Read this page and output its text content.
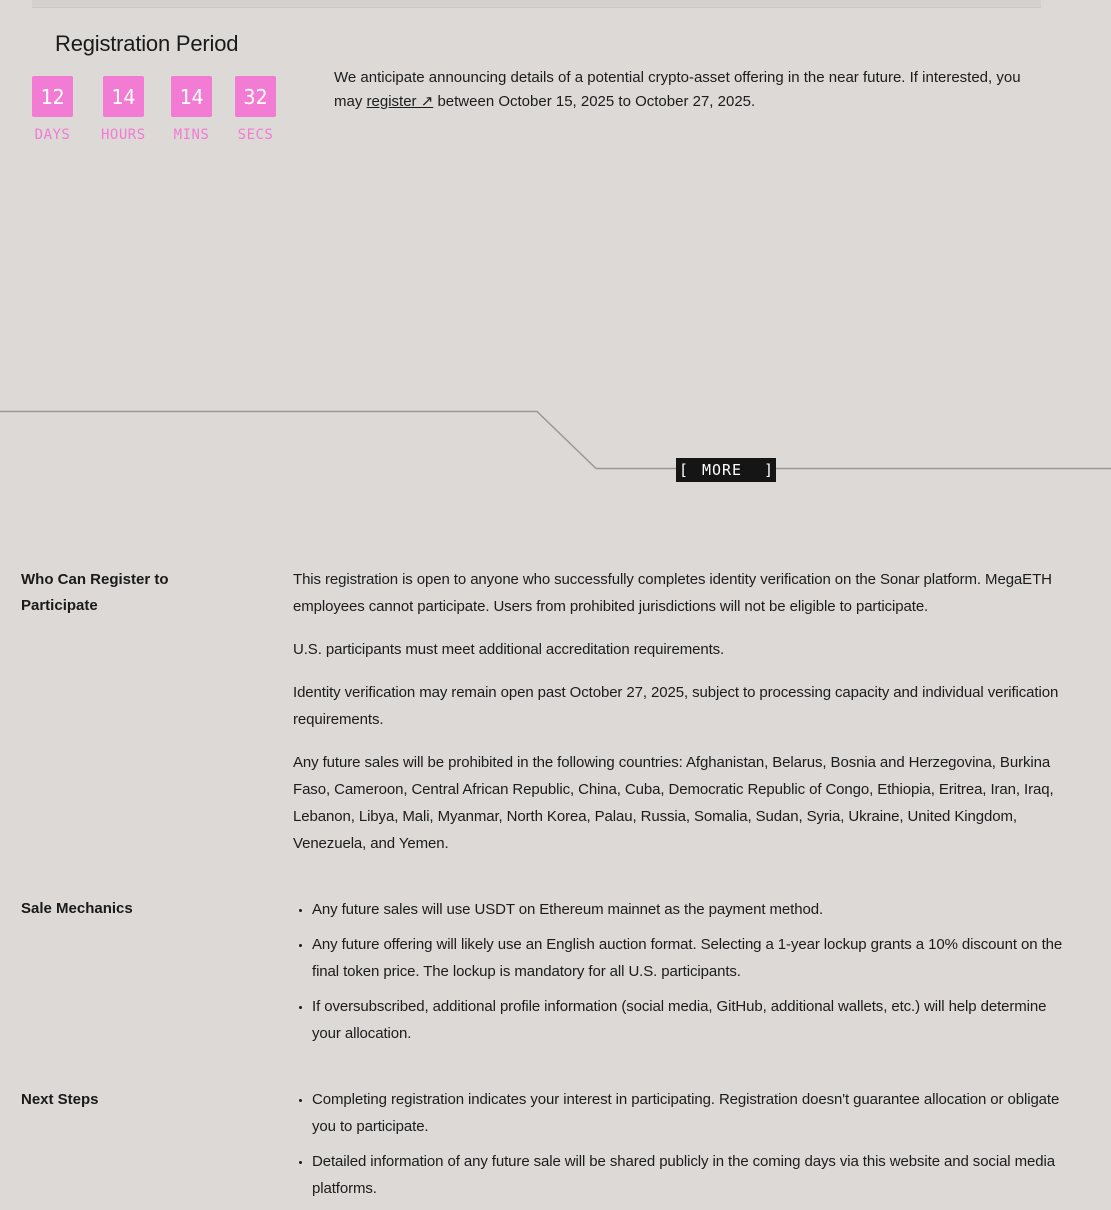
Registration Period
12
DAYS
14
HOURS
14
MINS
32
SECS
We anticipate announcing details of a potential crypto-asset offering in the near future. If interested, you may register ↗ between October 15, 2025 to October 27, 2025.
[ MORE	]
Who Can Register to Participate

This registration is open to anyone who successfully completes identity verification on the Sonar platform. MegaETH employees cannot participate. Users from prohibited jurisdictions will not be eligible to participate.

U.S. participants must meet additional accreditation requirements.

Identity verification may remain open past October 27, 2025, subject to processing capacity and individual verification requirements.

Any future sales will be prohibited in the following countries: Afghanistan, Belarus, Bosnia and Herzegovina, Burkina Faso, Cameroon, Central African Republic, China, Cuba, Democratic Republic of Congo, Ethiopia, Eritrea, Iran, Iraq, Lebanon, Libya, Mali, Myanmar, North Korea, Palau, Russia, Somalia, Sudan, Syria, Ukraine, United Kingdom, Venezuela, and Yemen.

Sale Mechanics	• Any future sales will use USDT on Ethereum mainnet as the payment method.
• Any future offering will likely use an English auction format. Selecting a 1-year lockup grants a 10% discount on the final token price. The lockup is mandatory for all U.S. participants.
• If oversubscribed, additional profile information (social media, GitHub, additional wallets, etc.) will help determine your allocation.
Next Steps	• Completing registration indicates your interest in participating. Registration doesn't guarantee allocation or obligate you to participate.
• Detailed information of any future sale will be shared publicly in the coming days via this website and social media platforms.
